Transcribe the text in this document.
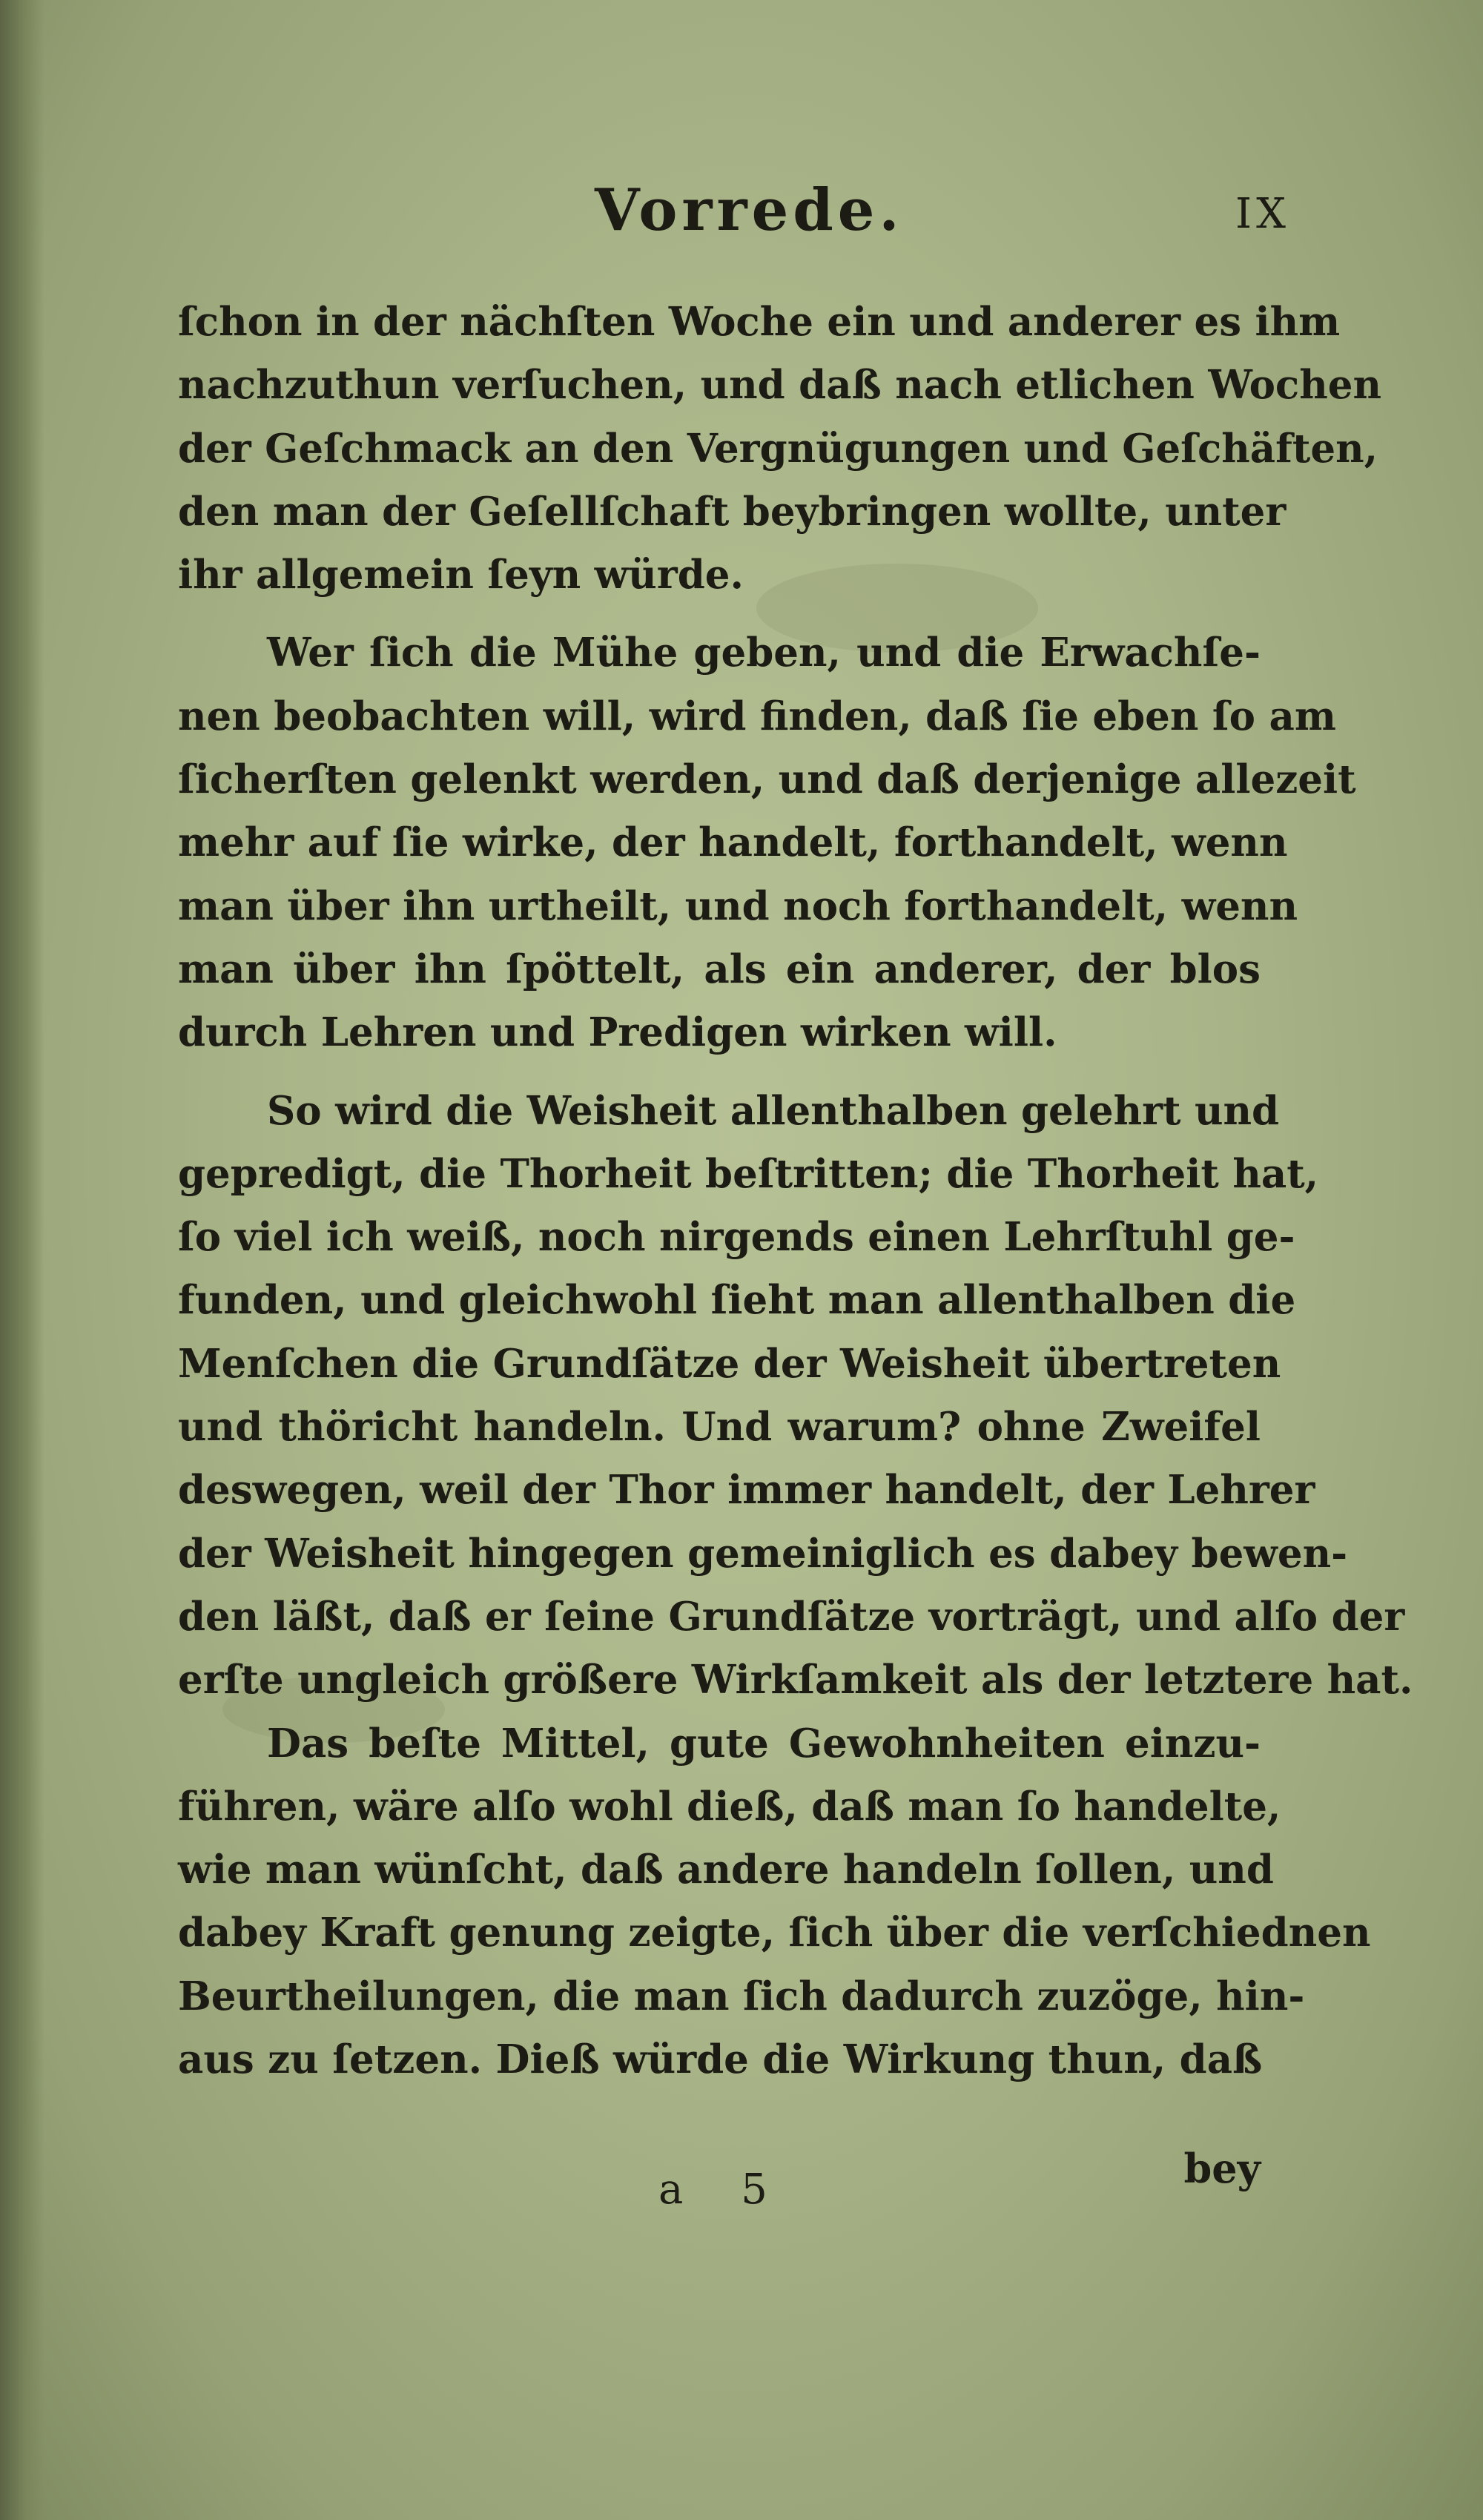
Vorrede.	IX
ſchon in der nächſten Woche ein und anderer es ihm
nachzuthun verſuchen, und daß nach etlichen Wochen
der Geſchmack an den Vergnügungen und Geſchäften,
den man der Geſellſchaft beybringen wollte, unter
ihr allgemein ſeyn würde.
Wer ſich die Mühe geben, und die Erwachſe-
nen beobachten will, wird finden, daß ſie eben ſo am
ſicherſten gelenkt werden, und daß derjenige allezeit
mehr auf ſie wirke, der handelt, forthandelt, wenn
man über ihn urtheilt, und noch forthandelt, wenn
man über ihn ſpöttelt, als ein anderer, der blos
durch Lehren und Predigen wirken will.
So wird die Weisheit allenthalben gelehrt und
gepredigt, die Thorheit beſtritten; die Thorheit hat,
ſo viel ich weiß, noch nirgends einen Lehrſtuhl ge-
funden, und gleichwohl ſieht man allenthalben die
Menſchen die Grundſätze der Weisheit übertreten
und thöricht handeln. Und warum? ohne Zweifel
deswegen, weil der Thor immer handelt, der Lehrer
der Weisheit hingegen gemeiniglich es dabey bewen-
den läßt, daß er ſeine Grundſätze vorträgt, und alſo der
erſte ungleich größere Wirkſamkeit als der letztere hat.
Das beſte Mittel, gute Gewohnheiten einzu-
führen, wäre alſo wohl dieß, daß man ſo handelte,
wie man wünſcht, daß andere handeln ſollen, und
dabey Kraft genung zeigte, ſich über die verſchiednen
Beurtheilungen, die man ſich dadurch zuzöge, hin-
aus zu ſetzen. Dieß würde die Wirkung thun, daß
a 5	bey
